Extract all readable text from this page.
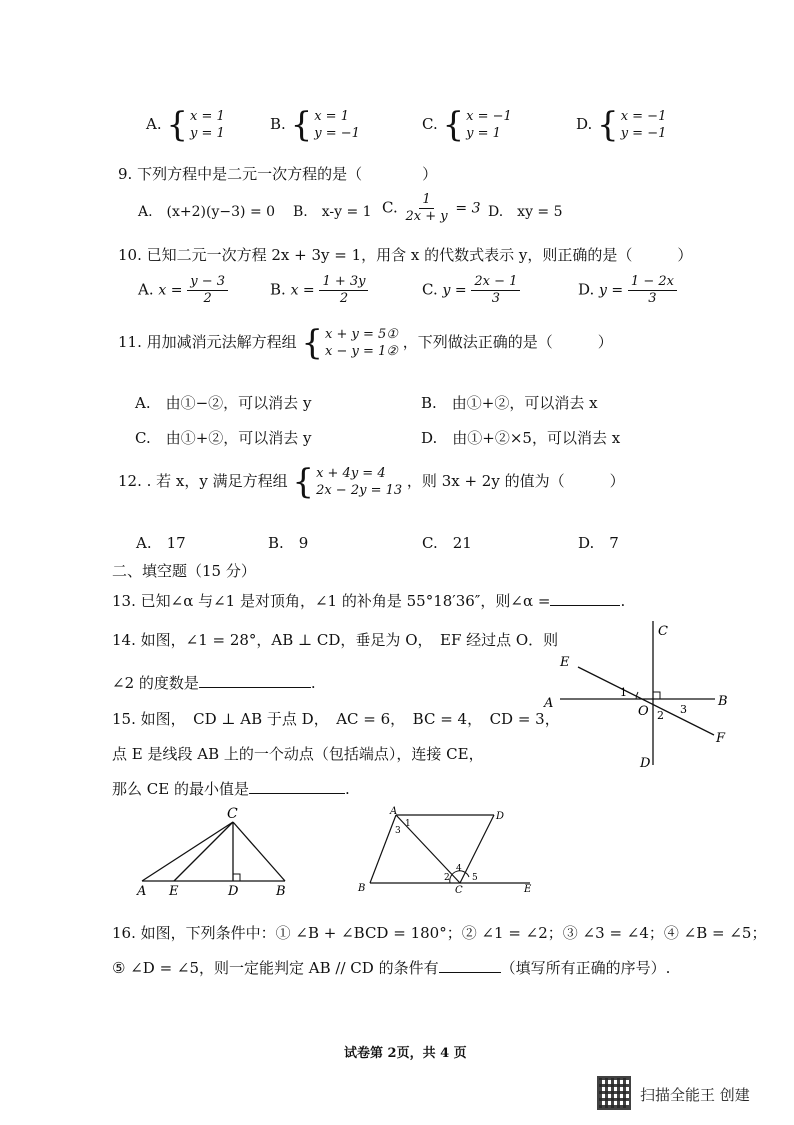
A. { x = 1
y = 1
B. { x = 1
y = −1
C. { x = −1
y = 1
D. { x = −1
y = −1
9. 下列方程中是二元一次方程的是（　　　　）
A.　(x+2)(y−3) = 0 B.　x-y = 1 C. $\frac{1}{2x + y} = 3$ D.　xy = 5
10. 已知二元一次方程 2x + 3y = 1，用含 x 的代数式表示 y，则正确的是（　　　）
A. $x = \frac{y - 3}{2}$	B. $x = \frac{1 + 3y}{2}$	C. $y = \frac{2x - 1}{3}$	D. $y = \frac{1 - 2x}{3}$
11. 用加减消元法解方程组 { x + y = 5①
x − y = 1②
，下列做法正确的是（　　　）
A.　由①−②，可以消去 y	B.　由①+②，可以消去 x
C.　由①+②，可以消去 y	D.　由①+②×5，可以消去 x
12. . 若 x，y 满足方程组 { x + 4y = 4
2x − 2y = 13
，则 3x + 2y 的值为（　　　）
A.　17	B.　9	C.　21	D.　7
二、填空题（15 分）
13. 已知∠α 与∠1 是对顶角，∠1 的补角是 55°18′36″，则∠α =	.
14. 如图，∠1 = 28°，AB ⊥ CD，垂足为 O，　EF 经过点 O．则
∠2 的度数是	.
15. 如图，　CD ⊥ AB 于点 D，　AC = 6，　BC = 4，　CD = 3，
点 E 是线段 AB 上的一个动点（包括端点），连接 CE，
那么 CE 的最小值是	.
C
E
A	B
O
F
D
1
2 3
C
A E	D	B
A	D
B	C	E
1
2
3
4
5
16. 如图，下列条件中：① ∠B + ∠BCD = 180°；② ∠1 = ∠2；③ ∠3 = ∠4；④ ∠B = ∠5；
⑤ ∠D = ∠5，则一定能判定 AB // CD 的条件有	（填写所有正确的序号）.
试卷第 2页，共 4 页
扫描全能王 创建
